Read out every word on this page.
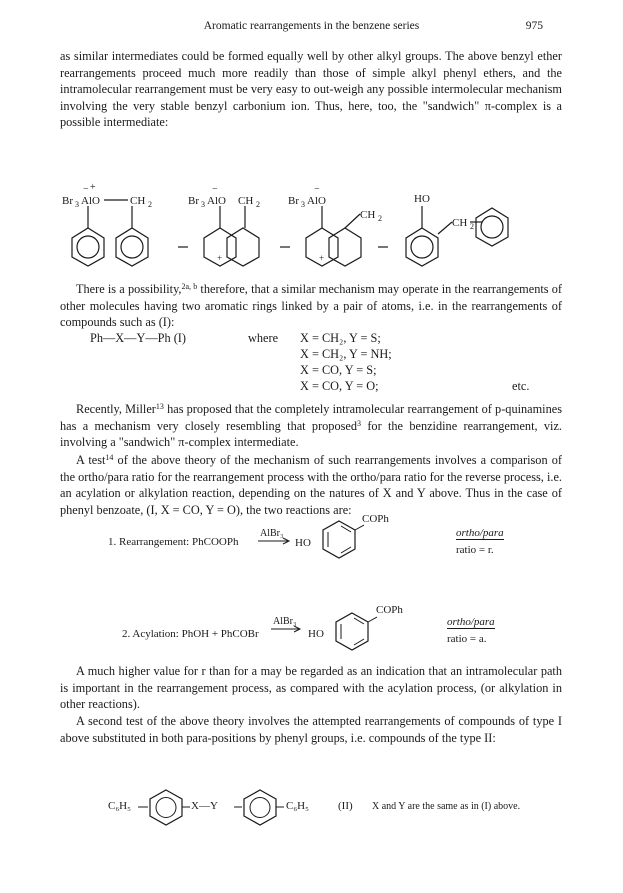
Aromatic rearrangements in the benzene series	975

as similar intermediates could be formed equally well by other alkyl groups. The above benzyl ether rearrangements proceed much more readily than those of simple alkyl phenyl ethers, and the intramolecular rearrangement must be very easy to out-weigh any possible intermolecular mechanism involving the very stable benzyl carbonium ion. Thus, here, too, the "sandwich" π-complex is a possible intermediate:

Br 3 AlO	CH 2
+
−
Br 3 AlO CH 2
−
Br 3 AlO
CH 2
−
HO
CH 2
+	+

There is a possibility,$^{2a, b}$ therefore, that a similar mechanism may operate in the rearrangements of other molecules having two aromatic rings linked by a pair of atoms, i.e. in the rearrangements of compounds such as (I):

Ph—X—Y—Ph (I)	where X = CH₂, Y = S;
X = CH₂, Y = NH;
X = CO, Y = S;
X = CO, Y = O;	etc.

Recently, Miller$^{13}$ has proposed that the completely intramolecular rearrangement of p-quinamines has a mechanism very closely resembling that proposed$^3$ for the benzidine rearrangement, viz. involving a "sandwich" π-complex intermediate.

A test$^{14}$ of the above theory of the mechanism of such rearrangements involves a comparison of the ortho/para ratio for the rearrangement process with the ortho/para ratio for the reverse process, i.e. an acylation or alkylation reaction, depending on the natures of X and Y above. Thus in the case of phenyl benzoate, (I, X = CO, Y = O), the two reactions are:

1. Rearrangement: PhCOOPh
AlBr₃
→ HO
COPh
ortho/para
ratio = r.
2. Acylation: PhOH + PhCOBr
AlBr₃
→ HO
COPh
ortho/para
ratio = a.

A much higher value for r than for a may be regarded as an indication that an intramolecular path is important in the rearrangement process, as compared with the acylation process, (or alkylation in other reactions).

A second test of the above theory involves the attempted rearrangements of compounds of type I above substituted in both para-positions by phenyl groups, i.e. compounds of the type II:

C₆H₅	X—Y	C₆H₅	(II) X and Y are the same as in (I) above.
